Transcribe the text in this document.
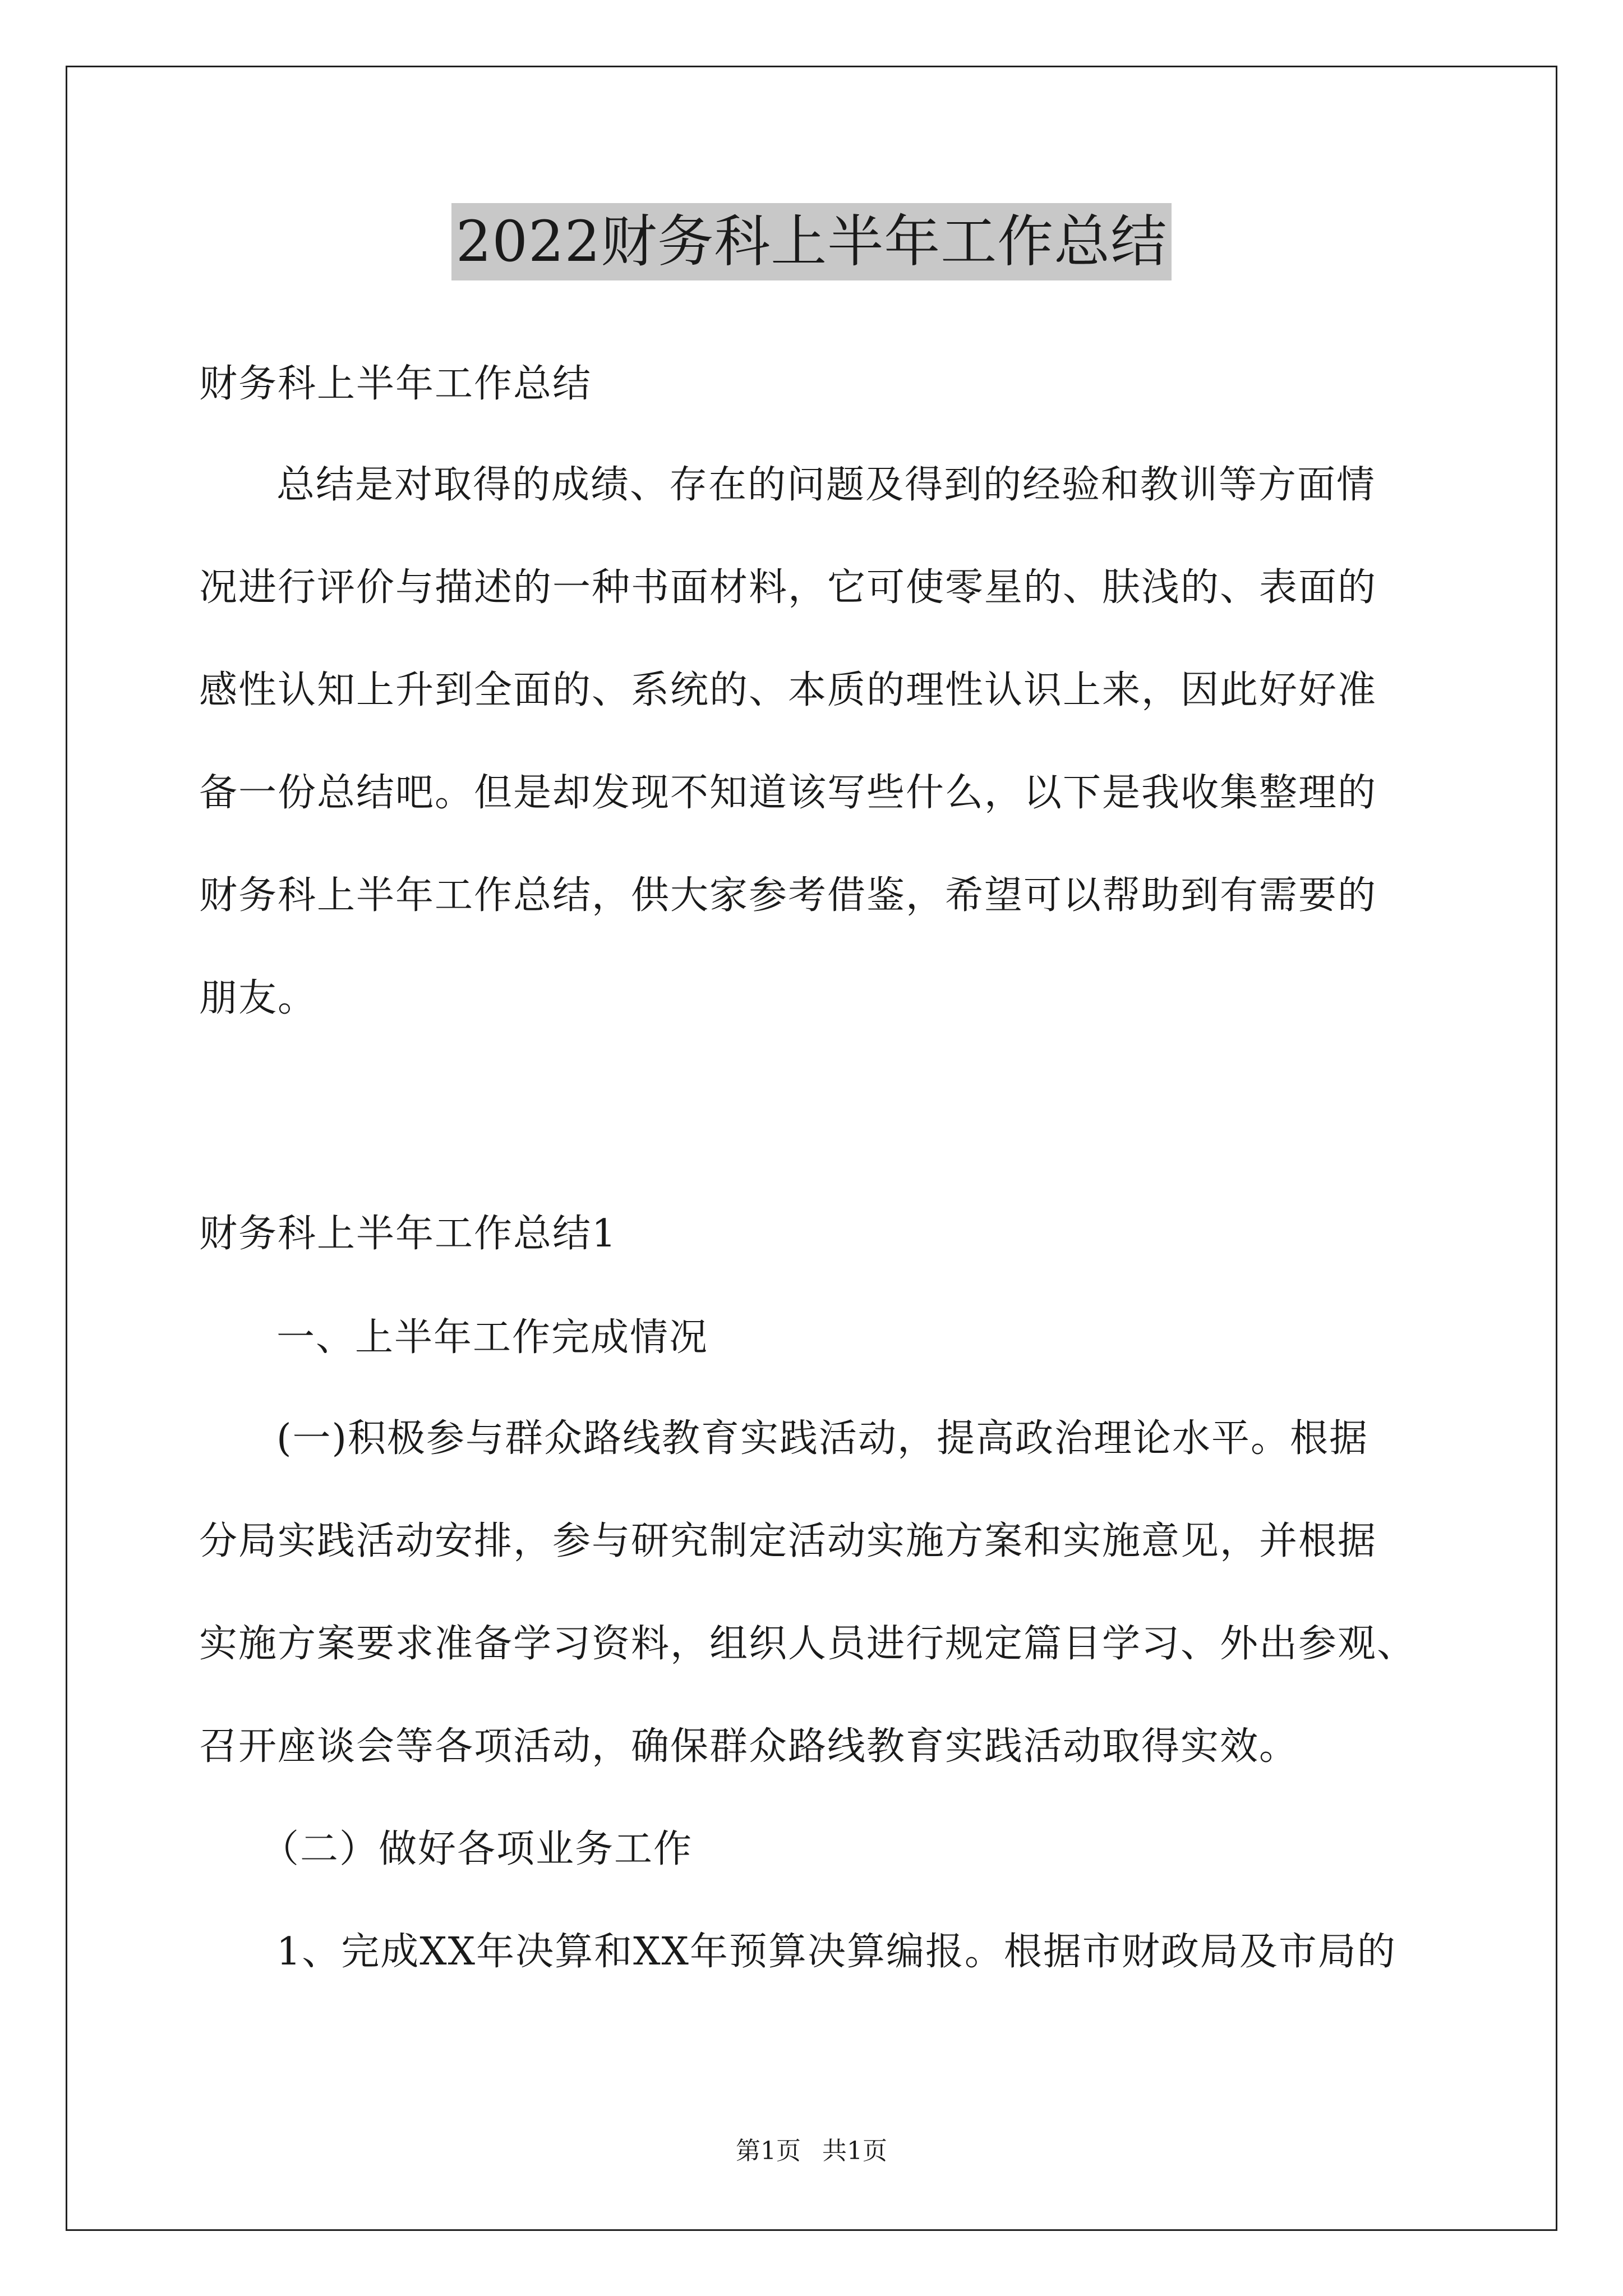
2022财务科上半年工作总结
财务科上半年工作总结
总结是对取得的成绩、存在的问题及得到的经验和教训等方面情
况进行评价与描述的一种书面材料，它可使零星的、肤浅的、表面的
感性认知上升到全面的、系统的、本质的理性认识上来，因此好好准
备一份总结吧。但是却发现不知道该写些什么，以下是我收集整理的
财务科上半年工作总结，供大家参考借鉴，希望可以帮助到有需要的
朋友。
财务科上半年工作总结1
一、上半年工作完成情况
(一)积极参与群众路线教育实践活动，提高政治理论水平。根据
分局实践活动安排，参与研究制定活动实施方案和实施意见，并根据
实施方案要求准备学习资料，组织人员进行规定篇目学习、外出参观、
召开座谈会等各项活动，确保群众路线教育实践活动取得实效。
（二）做好各项业务工作
1、完成XX年决算和XX年预算决算编报。根据市财政局及市局的
第1页 共1页
